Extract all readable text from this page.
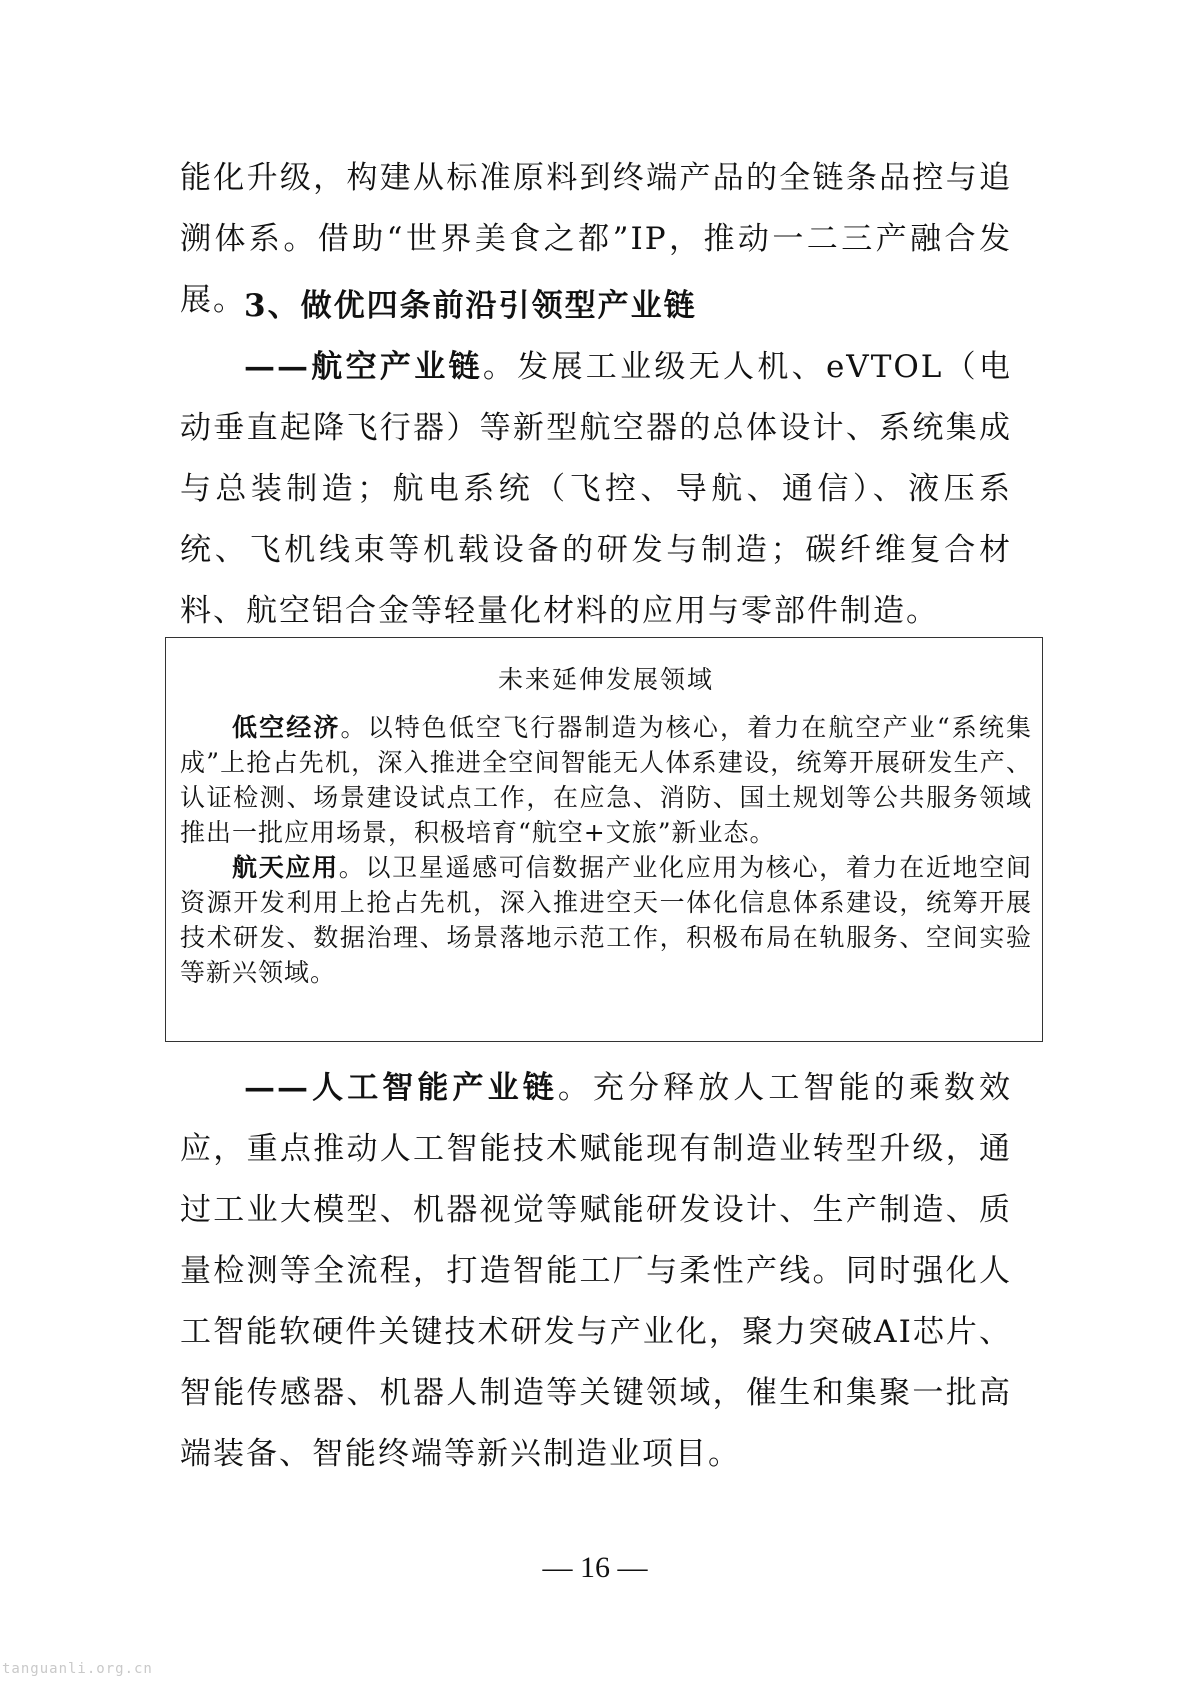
能化升级，构建从标准原料到终端产品的全链条品控与追溯体系。借助“世界美食之都”IP，推动一二三产融合发展。

3、做优四条前沿引领型产业链

——航空产业链。发展工业级无人机、eVTOL（电动垂直起降飞行器）等新型航空器的总体设计、系统集成与总装制造；航电系统（飞控、导航、通信）、液压系统、飞机线束等机载设备的研发与制造；碳纤维复合材料、航空铝合金等轻量化材料的应用与零部件制造。

未来延伸发展领域

低空经济。以特色低空飞行器制造为核心，着力在航空产业“系统集成”上抢占先机，深入推进全空间智能无人体系建设，统筹开展研发生产、认证检测、场景建设试点工作，在应急、消防、国土规划等公共服务领域推出一批应用场景，积极培育“航空+文旅”新业态。

航天应用。以卫星遥感可信数据产业化应用为核心，着力在近地空间资源开发利用上抢占先机，深入推进空天一体化信息体系建设，统筹开展技术研发、数据治理、场景落地示范工作，积极布局在轨服务、空间实验等新兴领域。

——人工智能产业链。充分释放人工智能的乘数效应，重点推动人工智能技术赋能现有制造业转型升级，通过工业大模型、机器视觉等赋能研发设计、生产制造、质量检测等全流程，打造智能工厂与柔性产线。同时强化人工智能软硬件关键技术研发与产业化，聚力突破AI芯片、智能传感器、机器人制造等关键领域，催生和集聚一批高端装备、智能终端等新兴制造业项目。

— 16 —
tanguanli.org.cn
